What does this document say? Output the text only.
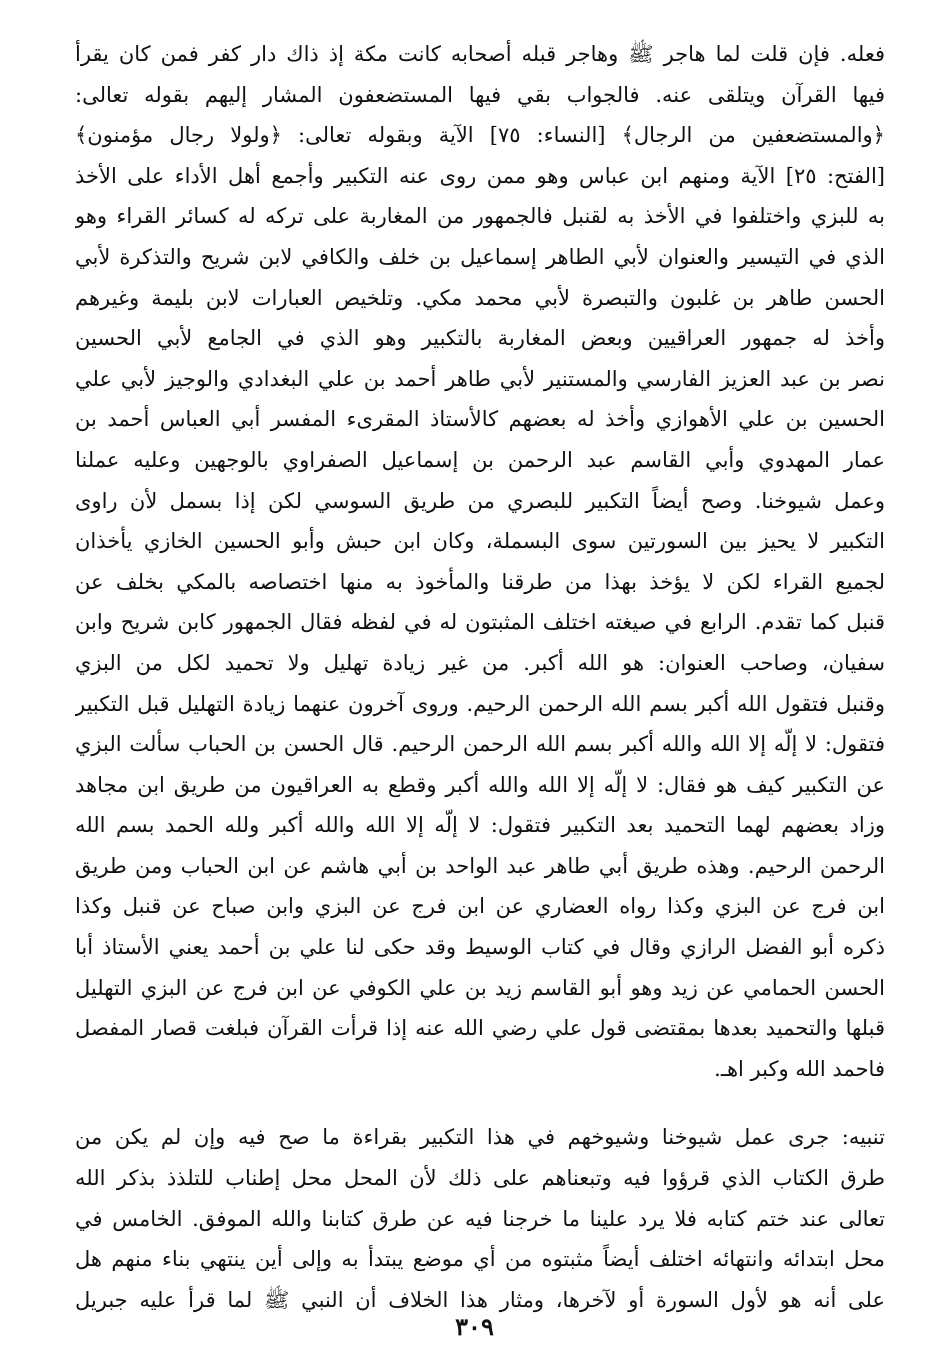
فعله. فإن قلت لما هاجر ﷺ وهاجر قبله أصحابه كانت مكة إذ ذاك دار كفر فمن كان يقرأ
فيها القرآن ويتلقى عنه. فالجواب بقي فيها المستضعفون المشار إليهم بقوله تعالى:
﴿والمستضعفين من الرجال﴾ [النساء: ٧٥] الآية وبقوله تعالى: ﴿ولولا رجال مؤمنون﴾
[الفتح: ٢٥] الآية ومنهم ابن عباس وهو ممن روى عنه التكبير وأجمع أهل الأداء على الأخذ
به للبزي واختلفوا في الأخذ به لقنبل فالجمهور من المغاربة على تركه له كسائر القراء وهو
الذي في التيسير والعنوان لأبي الطاهر إسماعيل بن خلف والكافي لابن شريح والتذكرة لأبي
الحسن طاهر بن غلبون والتبصرة لأبي محمد مكي. وتلخيص العبارات لابن بليمة وغيرهم
وأخذ له جمهور العراقيين وبعض المغاربة بالتكبير وهو الذي في الجامع لأبي الحسين
نصر بن عبد العزيز الفارسي والمستنير لأبي طاهر أحمد بن علي البغدادي والوجيز لأبي علي
الحسين بن علي الأهوازي وأخذ له بعضهم كالأستاذ المقرىء المفسر أبي العباس أحمد بن
عمار المهدوي وأبي القاسم عبد الرحمن بن إسماعيل الصفراوي بالوجهين وعليه عملنا
وعمل شيوخنا. وصح أيضاً التكبير للبصري من طريق السوسي لكن إذا بسمل لأن راوى
التكبير لا يحيز بين السورتين سوى البسملة، وكان ابن حبش وأبو الحسين الخازي يأخذان
لجميع القراء لكن لا يؤخذ بهذا من طرقنا والمأخوذ به منها اختصاصه بالمكي بخلف عن
قنبل كما تقدم. الرابع في صيغته اختلف المثبتون له في لفظه فقال الجمهور كابن شريح وابن
سفيان، وصاحب العنوان: هو الله أكبر. من غير زيادة تهليل ولا تحميد لكل من البزي
وقنبل فتقول الله أكبر بسم الله الرحمن الرحيم. وروى آخرون عنهما زيادة التهليل قبل التكبير
فتقول: لا إلّه إلا الله والله أكبر بسم الله الرحمن الرحيم. قال الحسن بن الحباب سألت البزي
عن التكبير كيف هو فقال: لا إلّه إلا الله والله أكبر وقطع به العراقيون من طريق ابن مجاهد
وزاد بعضهم لهما التحميد بعد التكبير فتقول: لا إلّه إلا الله والله أكبر ولله الحمد بسم الله
الرحمن الرحيم. وهذه طريق أبي طاهر عبد الواحد بن أبي هاشم عن ابن الحباب ومن طريق
ابن فرج عن البزي وكذا رواه العضاري عن ابن فرج عن البزي وابن صباح عن قنبل وكذا
ذكره أبو الفضل الرازي وقال في كتاب الوسيط وقد حكى لنا علي بن أحمد يعني الأستاذ أبا
الحسن الحمامي عن زيد وهو أبو القاسم زيد بن علي الكوفي عن ابن فرج عن البزي التهليل
قبلها والتحميد بعدها بمقتضى قول علي رضي الله عنه إذا قرأت القرآن فبلغت قصار المفصل
فاحمد الله وكبر اهـ.
تنبيه: جرى عمل شيوخنا وشيوخهم في هذا التكبير بقراءة ما صح فيه وإن لم يكن من
طرق الكتاب الذي قرؤوا فيه وتبعناهم على ذلك لأن المحل محل إطناب للتلذذ بذكر الله
تعالى عند ختم كتابه فلا يرد علينا ما خرجنا فيه عن طرق كتابنا والله الموفق. الخامس في
محل ابتدائه وانتهائه اختلف أيضاً مثبتوه من أي موضع يبتدأ به وإلى أين ينتهي بناء منهم هل
على أنه هو لأول السورة أو لآخرها، ومثار هذا الخلاف أن النبي ﷺ لما قرأ عليه جبريل
٣٠٩
